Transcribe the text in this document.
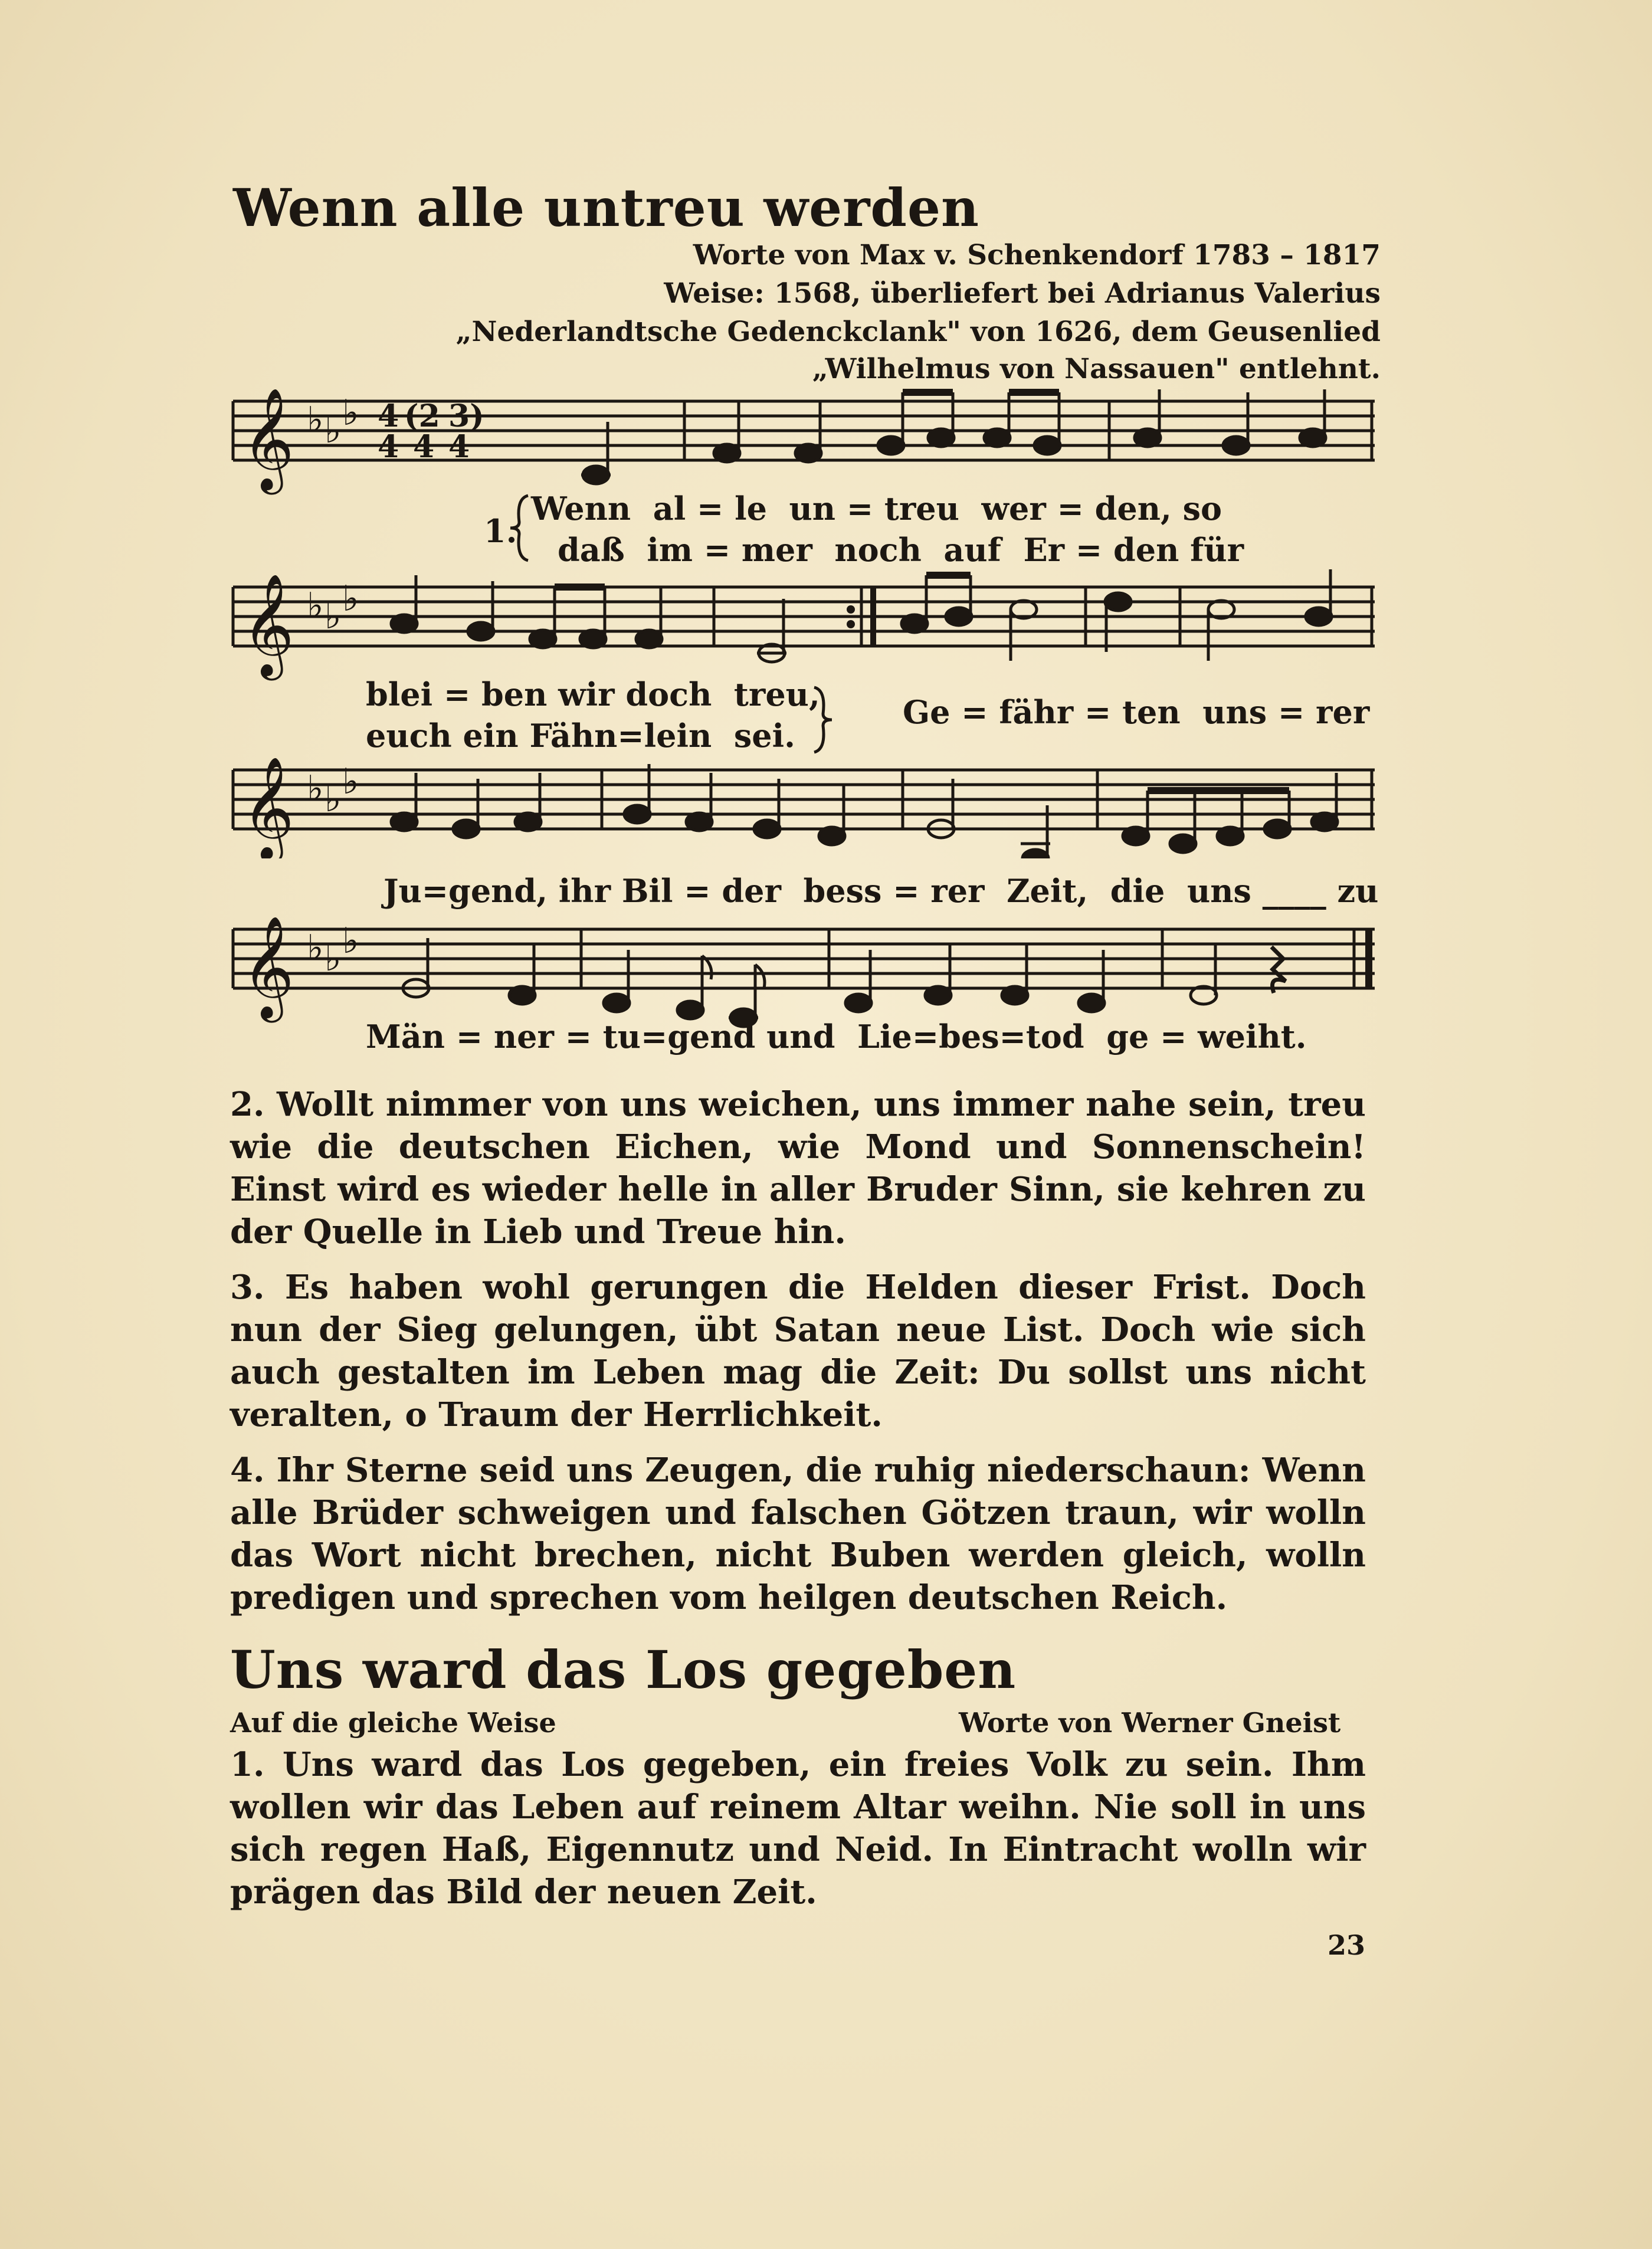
Wenn alle untreu werden
Worte von Max v. Schenkendorf 1783 – 1817
Weise: 1568, überliefert bei Adrianus Valerius
„Nederlandtsche Gedenckclank" von 1626, dem Geusenlied
„Wilhelmus von Nassauen" entlehnt.
𝄞 ♭ ♭ ♭ 4
4
(2
4
3)
4
1.
Wenn  al = le  un = treu  wer = den, so
daß  im = mer  noch  auf  Er = den für
𝄞 ♭ ♭ ♭
blei = ben wir doch  treu,
euch ein Fähn=lein  sei.
Ge = fähr = ten  uns = rer
𝄞 ♭ ♭ ♭
Ju=gend, ihr Bil = der  bess = rer  Zeit,  die  uns ____ zu
𝄞 ♭ ♭ ♭
Män = ner = tu=gend und  Lie=bes=tod  ge = weiht.

2. Wollt nimmer von uns weichen, uns immer nahe sein, treu wie die deutschen Eichen, wie Mond und Sonnenschein! Einst wird es wieder helle in aller Bruder Sinn, sie kehren zu der Quelle in Lieb und Treue hin.

3. Es haben wohl gerungen die Helden dieser Frist. Doch nun der Sieg gelungen, übt Satan neue List. Doch wie sich auch gestalten im Leben mag die Zeit: Du sollst uns nicht veralten, o Traum der Herrlichkeit.

4. Ihr Sterne seid uns Zeugen, die ruhig niederschaun: Wenn alle Brüder schweigen und falschen Götzen traun, wir wolln das Wort nicht brechen, nicht Buben werden gleich, wolln predigen und sprechen vom heilgen deutschen Reich.

Uns ward das Los gegeben
Auf die gleiche Weise	Worte von Werner Gneist
1. Uns ward das Los gegeben, ein freies Volk zu sein. Ihm wollen wir das Leben auf reinem Altar weihn. Nie soll in uns sich regen Haß, Eigennutz und Neid. In Eintracht wolln wir prägen das Bild der neuen Zeit.
23
